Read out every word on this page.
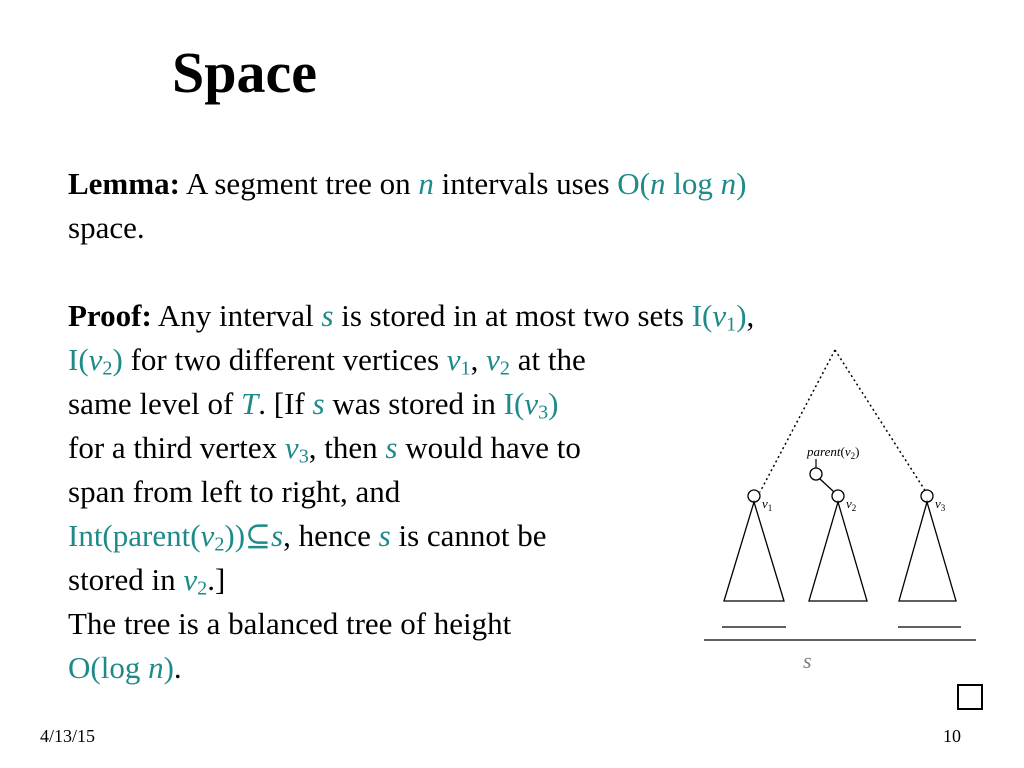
Space
Lemma: A segment tree on n intervals uses O(n log n)
space.
Proof: Any interval s is stored in at most two sets $I(v_1)$,
$I(v_2)$ for two different vertices $v_1$, $v_2$ at the
same level of T. [If s was stored in $I(v_3)$
for a third vertex $v_3$, then s would have to
span from left to right, and
$Int(parent(v_2))⊆s$, hence s is cannot be
stored in $v_2$.]
The tree is a balanced tree of height
O(log n).
$parent(v_2)$
$v_1$	$v_2$	$v_3$
s
4/13/15	10
